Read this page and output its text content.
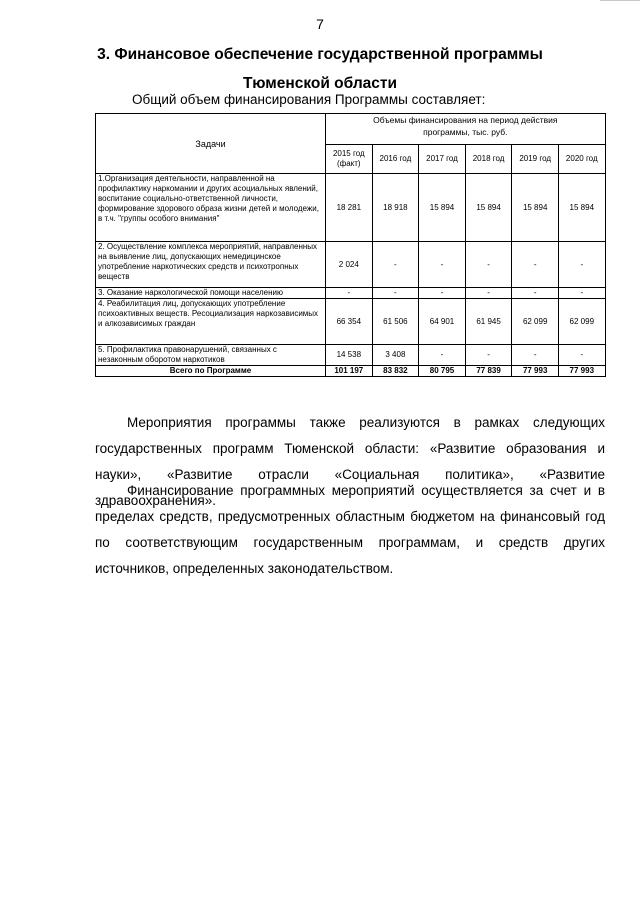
7
3. Финансовое обеспечение государственной программы
Тюменской области
Общий объем финансирования Программы составляет:
Задачи	Объемы финансирования на период действия
программы, тыс. руб.					

	2015 год (факт)	2016 год	2017 год	2018 год	2019 год	2020 год
1.Организация деятельности, направленной на профилактику наркомании и других асоциальных явлений, воспитание социально-ответственной личности, формирование здорового образа жизни детей и молодежи, в т.ч. "группы особого внимания"	18 281	18 918	15 894	15 894	15 894	15 894
2. Осуществление комплекса мероприятий, направленных на выявление лиц, допускающих немедицинское употребление наркотических средств и психотропных веществ	2 024	-	-	-	-	-
3. Оказание наркологической помощи населению	-	-	-	-	-	-
4. Реабилитация лиц, допускающих употребление психоактивных веществ. Ресоциализация наркозависимых и алкозависимых граждан	66 354	61 506	64 901	61 945	62 099	62 099
5. Профилактика правонарушений, связанных с незаконным оборотом наркотиков	14 538	3 408	-	-	-	-
Всего по Программе	101 197	83 832	80 795	77 839	77 993	77 993

Мероприятия программы также реализуются в рамках следующих государственных программ Тюменской области: «Развитие образования и науки», «Развитие отрасли «Социальная политика», «Развитие здравоохранения».

Финансирование программных мероприятий осуществляется за счет и в пределах средств, предусмотренных областным бюджетом на финансовый год по соответствующим государственным программам, и средств других источников, определенных законодательством.
